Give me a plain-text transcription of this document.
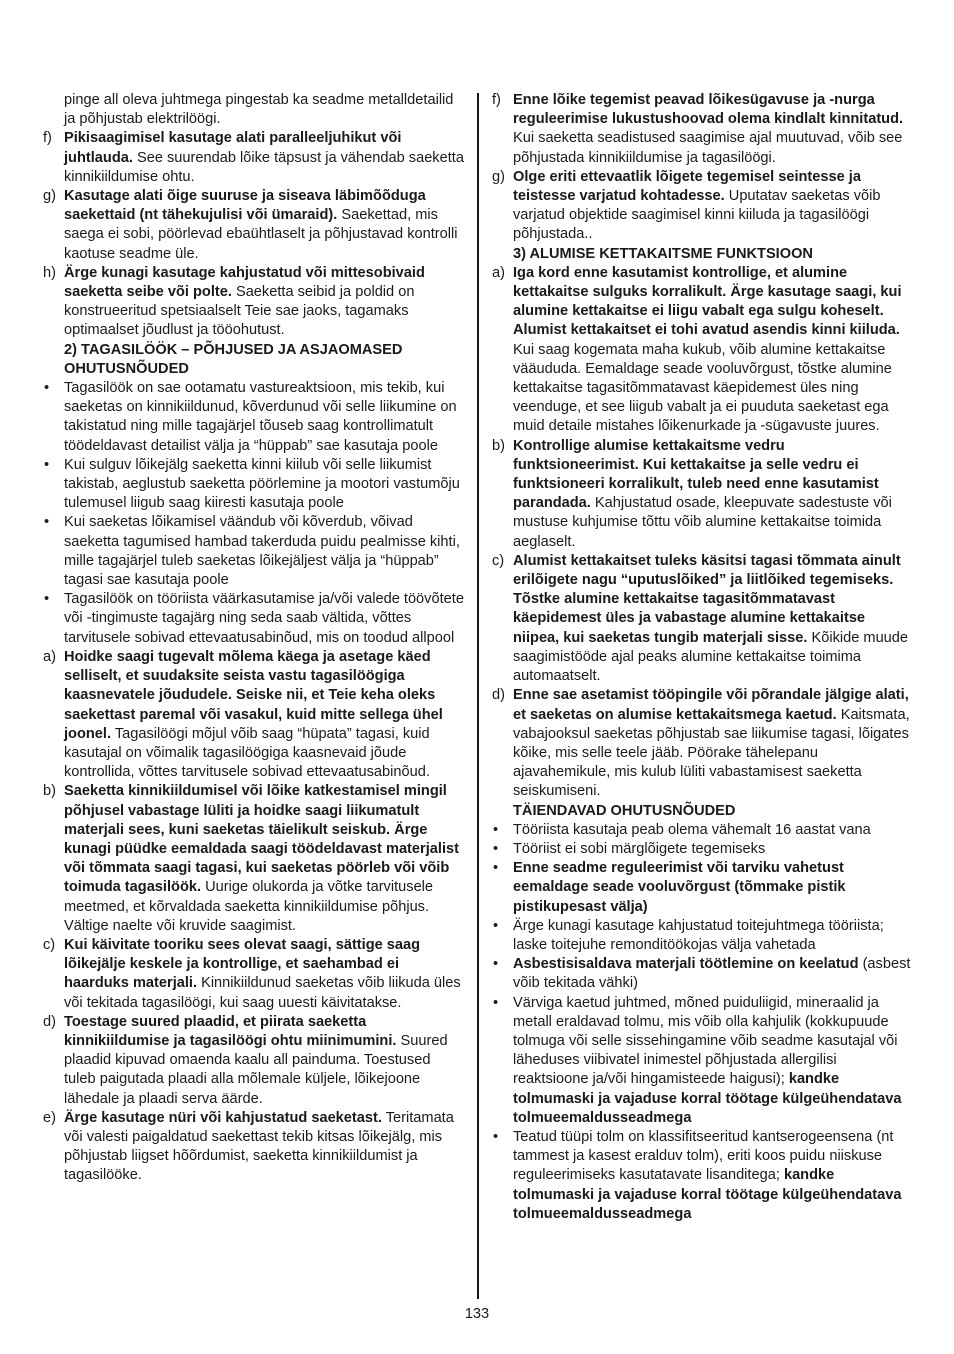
pinge all oleva juhtmega pingestab ka seadme metalldetailid ja põhjustab elektrilöögi.
f) Pikisaagimisel kasutage alati paralleeljuhikut või juhtlauda. See suurendab lõike täpsust ja vähendab saeketta kinnikiildumise ohtu.
g) Kasutage alati õige suuruse ja siseava läbimõõduga saekettaid (nt tähekujulisi või ümaraid). Saekettad, mis saega ei sobi, pöörlevad ebaühtlaselt ja põhjustavad kontrolli kaotuse seadme üle.
h) Ärge kunagi kasutage kahjustatud või mittesobivaid saeketta seibe või polte. Saeketta seibid ja poldid on konstrueeritud spetsiaalselt Teie sae jaoks, tagamaks optimaalset jõudlust ja tööohutust.
2) TAGASILÖÖK – PÕHJUSED JA ASJAOMASED OHUTUSNÕUDED
• Tagasilöök on sae ootamatu vastureaktsioon, mis tekib, kui saeketas on kinnikiildunud, kõverdunud või selle liikumine on takistatud ning mille tagajärjel tõuseb saag kontrollimatult töödeldavast detailist välja ja “hüppab” sae kasutaja poole
• Kui sulguv lõikejälg saeketta kinni kiilub või selle liikumist takistab, aeglustub saeketta pöörlemine ja mootori vastumõju tulemusel liigub saag kiiresti kasutaja poole
• Kui saeketas lõikamisel väändub või kõverdub, võivad saeketta tagumised hambad takerduda puidu pealmisse kihti, mille tagajärjel tuleb saeketas lõikejäljest välja ja “hüppab” tagasi sae kasutaja poole
• Tagasilöök on tööriista väärkasutamise ja/või valede töövõtete või -tingimuste tagajärg ning seda saab vältida, võttes tarvitusele sobivad ettevaatusabinõud, mis on toodud allpool
a) Hoidke saagi tugevalt mõlema käega ja asetage käed selliselt, et suudaksite seista vastu tagasilöögiga kaasnevatele jõududele. Seiske nii, et Teie keha oleks saekettast paremal või vasakul, kuid mitte sellega ühel joonel. Tagasilöögi mõjul võib saag “hüpata” tagasi, kuid kasutajal on võimalik tagasilöögiga kaasnevaid jõude kontrollida, võttes tarvitusele sobivad ettevaatusabinõud.
b) Saeketta kinnikiildumisel või lõike katkestamisel mingil põhjusel vabastage lüliti ja hoidke saagi liikumatult materjali sees, kuni saeketas täielikult seiskub. Ärge kunagi püüdke eemaldada saagi töödeldavast materjalist või tõmmata saagi tagasi, kui saeketas pöörleb või võib toimuda tagasilöök. Uurige olukorda ja võtke tarvitusele meetmed, et kõrvaldada saeketta kinnikiildumise põhjus. Vältige naelte või kruvide saagimist.
c) Kui käivitate tooriku sees olevat saagi, sättige saag lõikejälje keskele ja kontrollige, et saehambad ei haarduks materjali. Kinnikiildunud saeketas võib liikuda üles või tekitada tagasilöögi, kui saag uuesti käivitatakse.
d) Toestage suured plaadid, et piirata saeketta kinnikiildumise ja tagasilöögi ohtu miinimumini. Suured plaadid kipuvad omaenda kaalu all painduma. Toestused tuleb paigutada plaadi alla mõlemale küljele, lõikejoone lähedale ja plaadi serva äärde.
e) Ärge kasutage nüri või kahjustatud saeketast. Teritamata või valesti paigaldatud saekettast tekib kitsas lõikejälg, mis põhjustab liigset hõõrdumist, saeketta kinnikiildumist ja tagasilööke.
f) Enne lõike tegemist peavad lõikesügavuse ja -nurga reguleerimise lukustushoovad olema kindlalt kinnitatud. Kui saeketta seadistused saagimise ajal muutuvad, võib see põhjustada kinnikiildumise ja tagasilöögi.
g) Olge eriti ettevaatlik lõigete tegemisel seintesse ja teistesse varjatud kohtadesse. Uputatav saeketas võib varjatud objektide saagimisel kinni kiiluda ja tagasilöögi põhjustada..
3) ALUMISE KETTAKAITSME FUNKTSIOON
a) Iga kord enne kasutamist kontrollige, et alumine kettakaitse sulguks korralikult. Ärge kasutage saagi, kui alumine kettakaitse ei liigu vabalt ega sulgu koheselt. Alumist kettakaitset ei tohi avatud asendis kinni kiiluda. Kui saag kogemata maha kukub, võib alumine kettakaitse vääududa. Eemaldage seade vooluvõrgust, tõstke alumine kettakaitse tagasitõmmatavast käepidemest üles ning veenduge, et see liigub vabalt ja ei puuduta saeketast ega muid detaile mistahes lõikenurkade ja -sügavuste juures.
b) Kontrollige alumise kettakaitsme vedru funktsioneerimist. Kui kettakaitse ja selle vedru ei funktsioneeri korralikult, tuleb need enne kasutamist parandada. Kahjustatud osade, kleepuvate sadestuste või mustuse kuhjumise tõttu võib alumine kettakaitse toimida aeglaselt.
c) Alumist kettakaitset tuleks käsitsi tagasi tõmmata ainult erilõigete nagu “uputuslõiked” ja liitlõiked tegemiseks. Tõstke alumine kettakaitse tagasitõmmatavast käepidemest üles ja vabastage alumine kettakaitse niipea, kui saeketas tungib materjali sisse. Kõikide muude saagimistööde ajal peaks alumine kettakaitse toimima automaatselt.
d) Enne sae asetamist tööpingile või põrandale jälgige alati, et saeketas on alumise kettakaitsmega kaetud. Kaitsmata, vabajooksul saeketas põhjustab sae liikumise tagasi, lõigates kõike, mis selle teele jääb. Pöörake tähelepanu ajavahemikule, mis kulub lüliti vabastamisest saeketta seiskumiseni.
TÄIENDAVAD OHUTUSNÕUDED
• Tööriista kasutaja peab olema vähemalt 16 aastat vana
• Tööriist ei sobi märglõigete tegemiseks
• Enne seadme reguleerimist või tarviku vahetust eemaldage seade vooluvõrgust (tõmmake pistik pistikupesast välja)
• Ärge kunagi kasutage kahjustatud toitejuhtmega tööriista; laske toitejuhe remonditöökojas välja vahetada
• Asbestisisaldava materjali töötlemine on keelatud (asbest võib tekitada vähki)
• Värviga kaetud juhtmed, mõned puiduliigid, mineraalid ja metall eraldavad tolmu, mis võib olla kahjulik (kokkupuude tolmuga või selle sissehingamine võib seadme kasutajal või läheduses viibivatel inimestel põhjustada allergilisi reaktsioone ja/või hingamisteede haigusi); kandke tolmumaski ja vajaduse korral töötage külgeühendatava tolmueemaldusseadmega
• Teatud tüüpi tolm on klassifitseeritud kantserogeensena (nt tammest ja kasest eralduv tolm), eriti koos puidu niiskuse reguleerimiseks kasutatavate lisanditega; kandke tolmumaski ja vajaduse korral töötage külgeühendatava tolmueemaldusseadmega
133
